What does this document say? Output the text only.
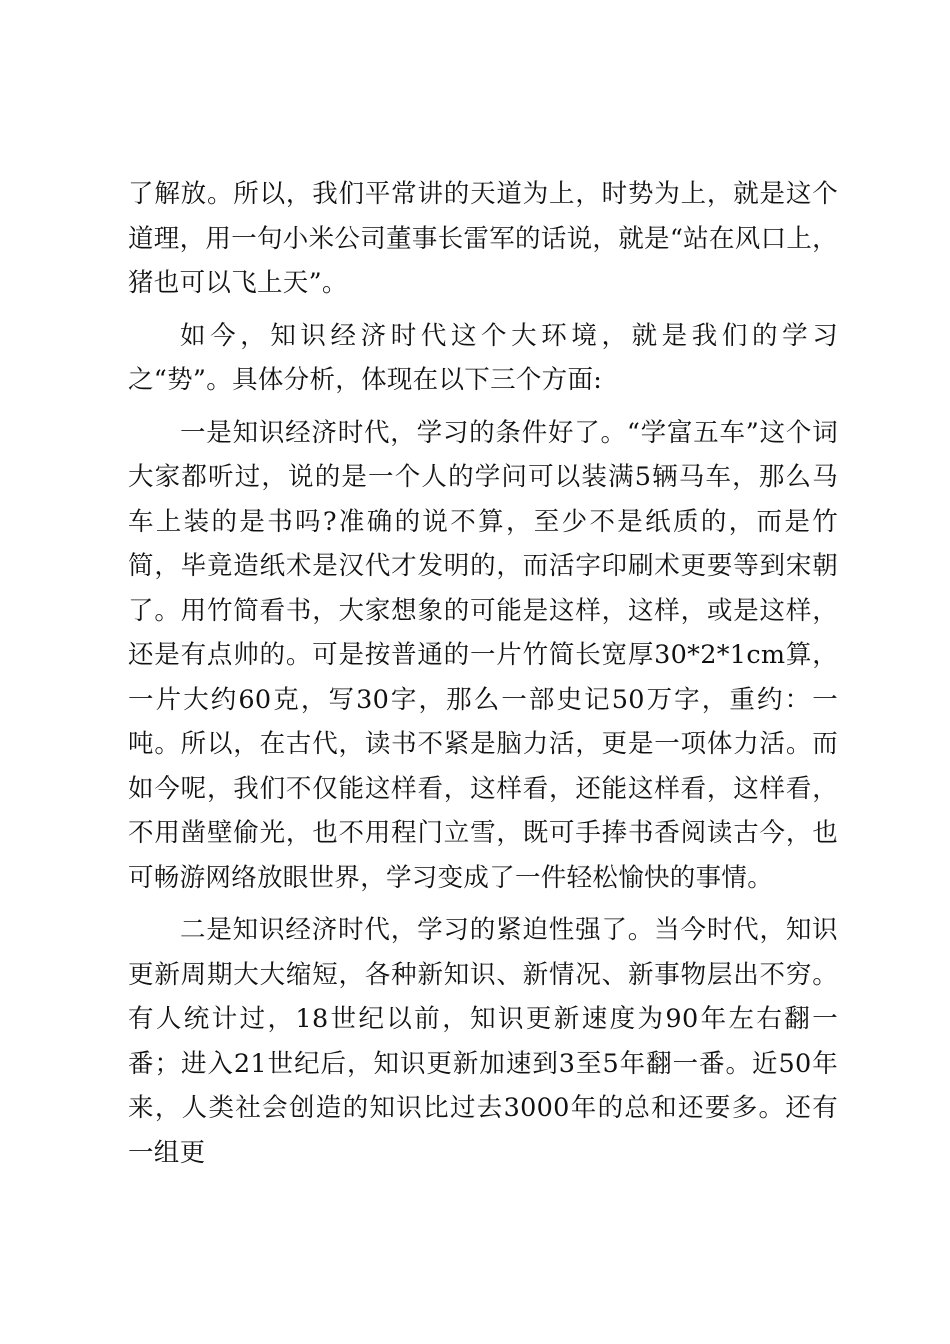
了解放。所以，我们平常讲的天道为上，时势为上，就是这个道理，用一句小米公司董事长雷军的话说，就是“站在风口上，猪也可以飞上天”。

如今，知识经济时代这个大环境，就是我们的学习之“势”。具体分析，体现在以下三个方面:

一是知识经济时代，学习的条件好了。“学富五车”这个词大家都听过，说的是一个人的学问可以装满5辆马车，那么马车上装的是书吗?准确的说不算，至少不是纸质的，而是竹简，毕竟造纸术是汉代才发明的，而活字印刷术更要等到宋朝了。用竹简看书，大家想象的可能是这样，这样，或是这样，还是有点帅的。可是按普通的一片竹简长宽厚30*2*1cm算，一片大约60克，写30字，那么一部史记50万字，重约：一吨。所以，在古代，读书不紧是脑力活，更是一项体力活。而如今呢，我们不仅能这样看，这样看，还能这样看，这样看，不用凿壁偷光，也不用程门立雪，既可手捧书香阅读古今，也可畅游网络放眼世界，学习变成了一件轻松愉快的事情。

二是知识经济时代，学习的紧迫性强了。当今时代，知识更新周期大大缩短，各种新知识、新情况、新事物层出不穷。有人统计过，18世纪以前，知识更新速度为90年左右翻一番；进入21世纪后，知识更新加速到3至5年翻一番。近50年来，人类社会创造的知识比过去3000年的总和还要多。还有一组更
